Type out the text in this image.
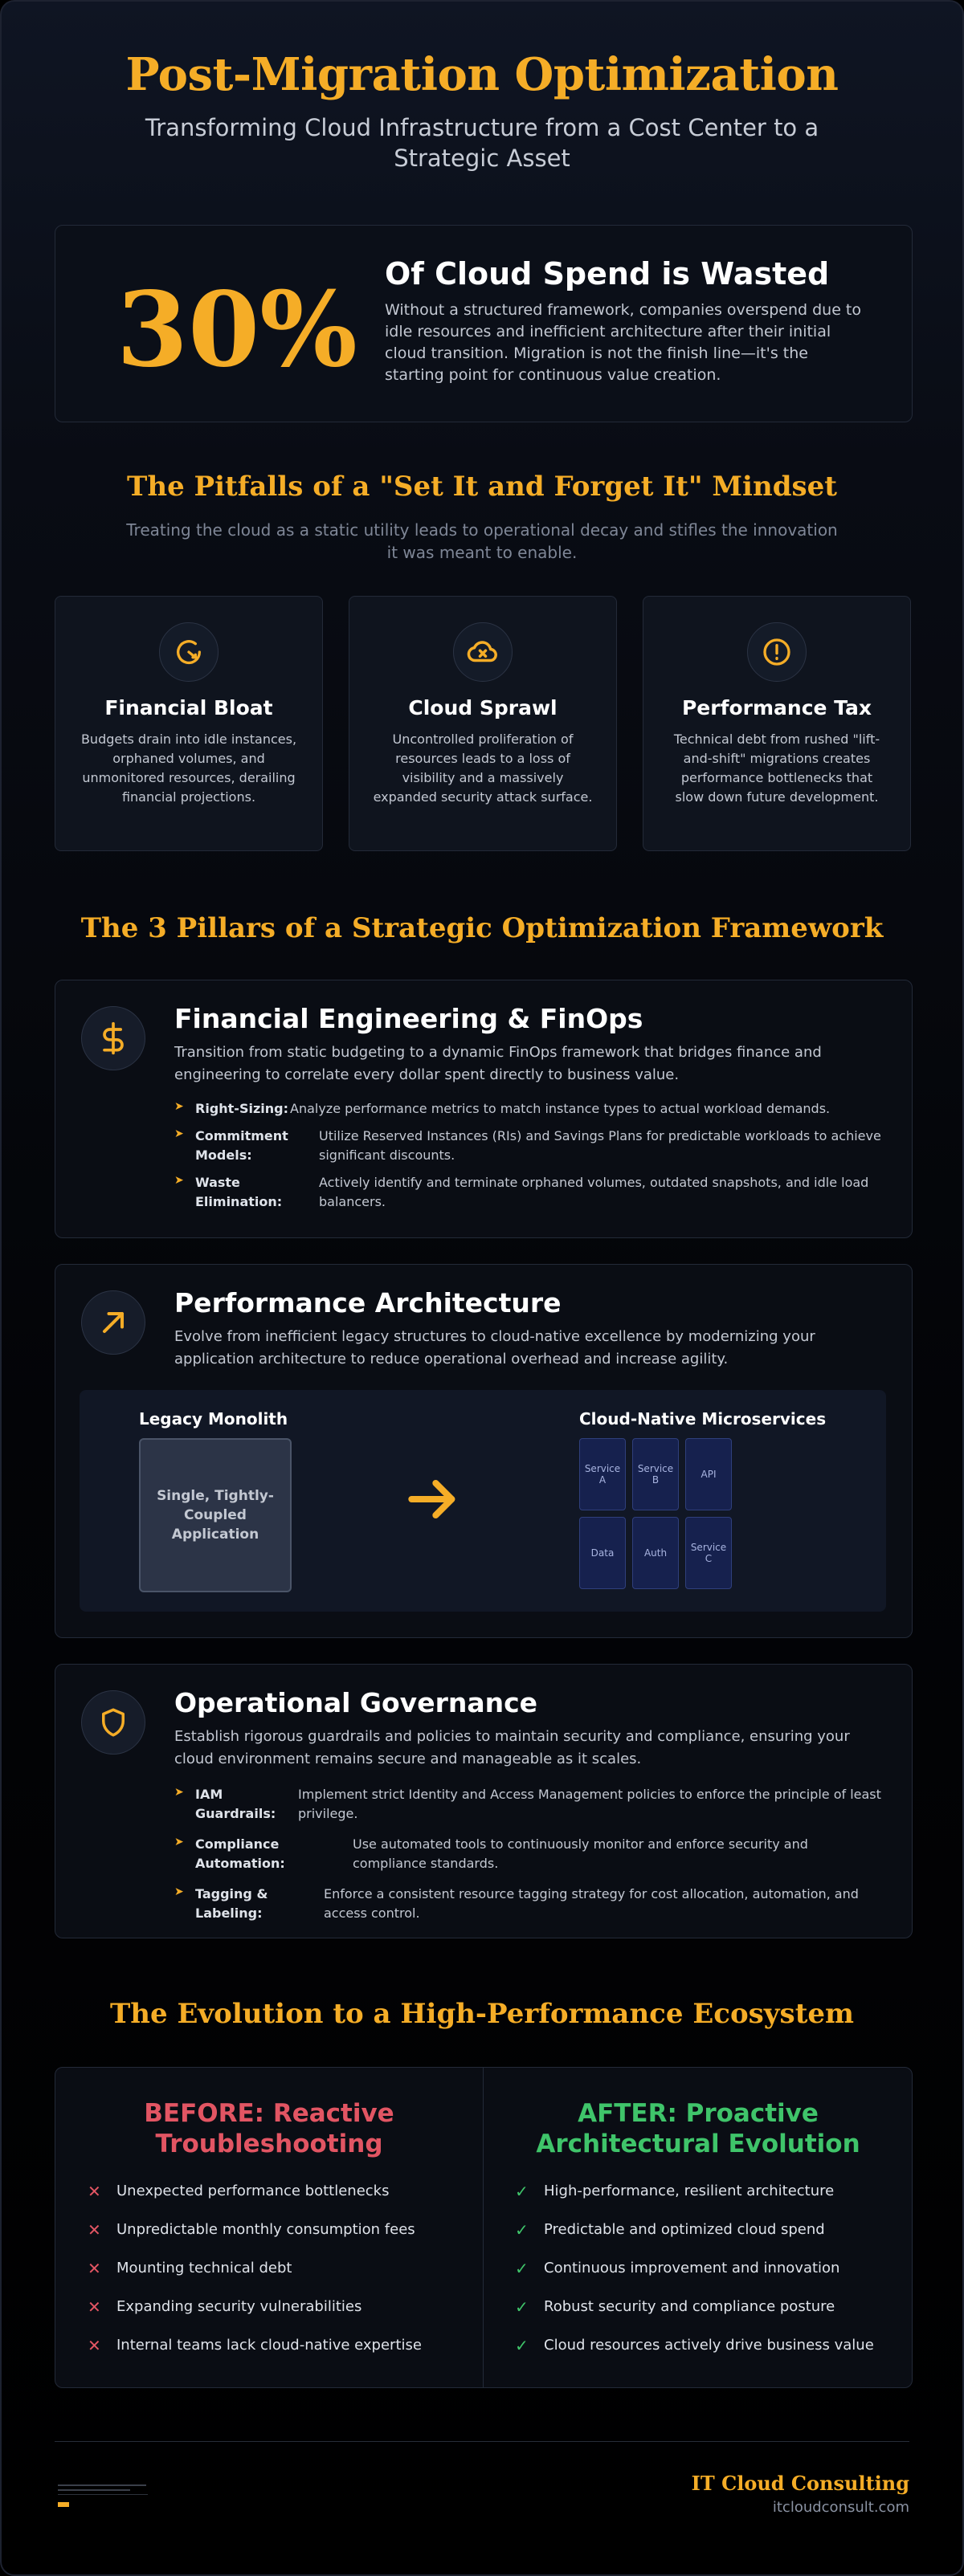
Post-Migration Optimization

Transforming Cloud Infrastructure from a Cost Center to a Strategic Asset

30% Of Cloud Spend is Wasted

Without a structured framework, companies overspend due to idle resources and inefficient architecture after their initial cloud transition. Migration is not the finish line—it's the starting point for continuous value creation.

The Pitfalls of a "Set It and Forget It" Mindset

Treating the cloud as a static utility leads to operational decay and stifles the innovation it was meant to enable.

Financial Bloat

Budgets drain into idle instances, orphaned volumes, and unmonitored resources, derailing financial projections.

Cloud Sprawl

Uncontrolled proliferation of resources leads to a loss of visibility and a massively expanded security attack surface.

Performance Tax

Technical debt from rushed "lift-and-shift" migrations creates performance bottlenecks that slow down future development.

The 3 Pillars of a Strategic Optimization Framework
Financial Engineering & FinOps

Transition from static budgeting to a dynamic FinOps framework that bridges finance and engineering to correlate every dollar spent directly to business value.

➤ Right-Sizing: Analyze performance metrics to match instance types to actual workload demands.

➤ Commitment Models:

Utilize Reserved Instances (RIs) and Savings Plans for predictable workloads to achieve significant discounts.

➤ Waste Elimination:

Actively identify and terminate orphaned volumes, outdated snapshots, and idle load balancers.

Performance Architecture

Evolve from inefficient legacy structures to cloud-native excellence by modernizing your application architecture to reduce operational overhead and increase agility.

Legacy Monolith
Single, Tightly-Coupled Application
Cloud-Native Microservices
Service A
Service B	API
Data	Auth	Service C
Operational Governance

Establish rigorous guardrails and policies to maintain security and compliance, ensuring your cloud environment remains secure and manageable as it scales.

➤ IAM Guardrails:

Implement strict Identity and Access Management policies to enforce the principle of least privilege.

➤ Compliance Automation:

Use automated tools to continuously monitor and enforce security and compliance standards.

➤ Tagging & Labeling:

Enforce a consistent resource tagging strategy for cost allocation, automation, and access control.

The Evolution to a High-Performance Ecosystem
BEFORE: Reactive Troubleshooting
✕ Unexpected performance bottlenecks
✕ Unpredictable monthly consumption fees
✕ Mounting technical debt
✕ Expanding security vulnerabilities
✕ Internal teams lack cloud-native expertise
AFTER: Proactive Architectural Evolution
✓ High-performance, resilient architecture
✓ Predictable and optimized cloud spend
✓ Continuous improvement and innovation
✓ Robust security and compliance posture
✓ Cloud resources actively drive business value
IT Cloud Consulting
itcloudconsult.com
